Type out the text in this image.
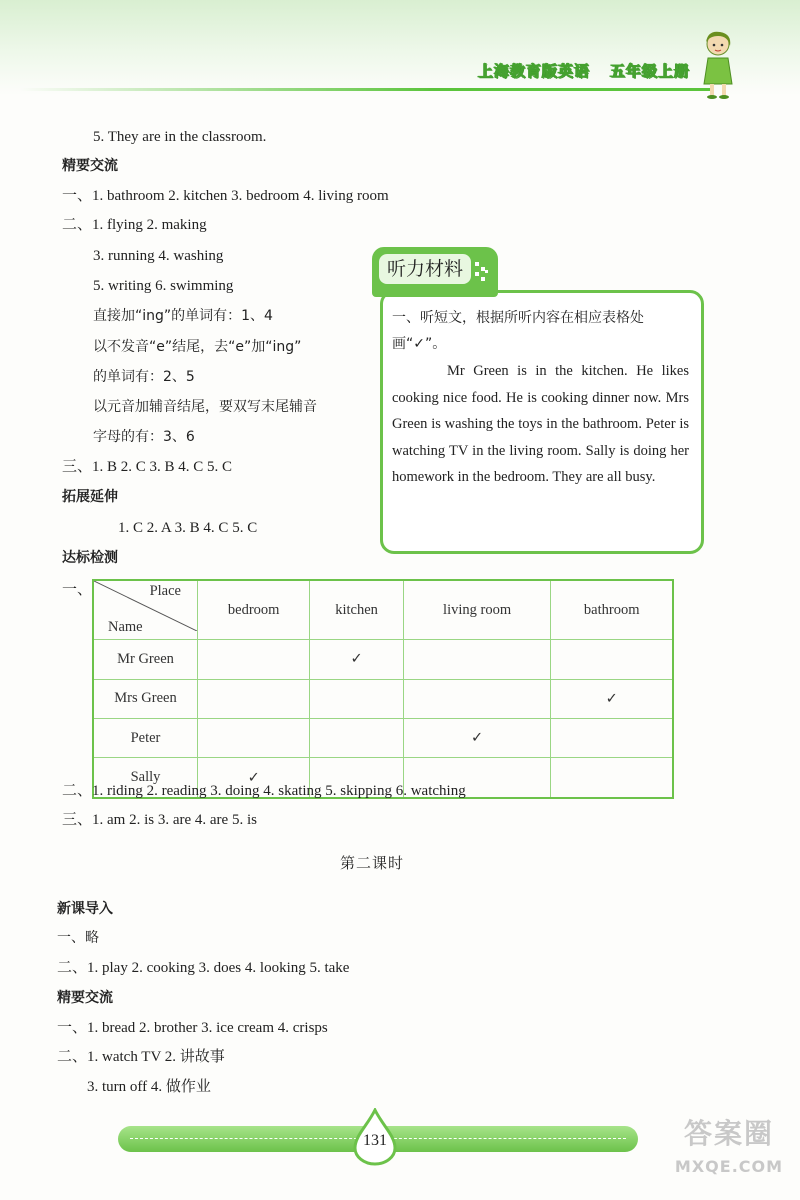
上海教育版英语 五年级上册
5. They are in the classroom.
精要交流
一、1. bathroom 2. kitchen 3. bedroom 4. living room
二、1. flying 2. making
3. running 4. washing
5. writing 6. swimming
直接加“ing”的单词有：1、4
以不发音“e”结尾，去“e”加“ing”
的单词有：2、5
以元音加辅音结尾，要双写末尾辅音
字母的有：3、6
三、1. B 2. C 3. B 4. C 5. C
拓展延伸
1. C 2. A 3. B 4. C 5. C
达标检测
一、
听力材料
一、听短文，根据所听内容在相应表格处画“✓”。
Mr Green is in the kitchen. He likes cooking nice food. He is cooking dinner now. Mrs Green is washing the toys in the bathroom. Peter is watching TV in the living room. Sally is doing her homework in the bedroom. They are all busy.
Place
Name	bedroom	kitchen	living room	bathroom
Mr Green		✓		
Mrs Green				✓
Peter			✓	
Sally	✓			
二、1. riding 2. reading 3. doing 4. skating 5. skipping 6. watching
三、1. am 2. is 3. are 4. are 5. is
第二课时
新课导入
一、略
二、1. play 2. cooking 3. does 4. looking 5. take
精要交流
一、1. bread 2. brother 3. ice cream 4. crisps
二、1. watch TV 2. 讲故事
3. turn off 4. 做作业
131	答案圈
MXQE.COM
